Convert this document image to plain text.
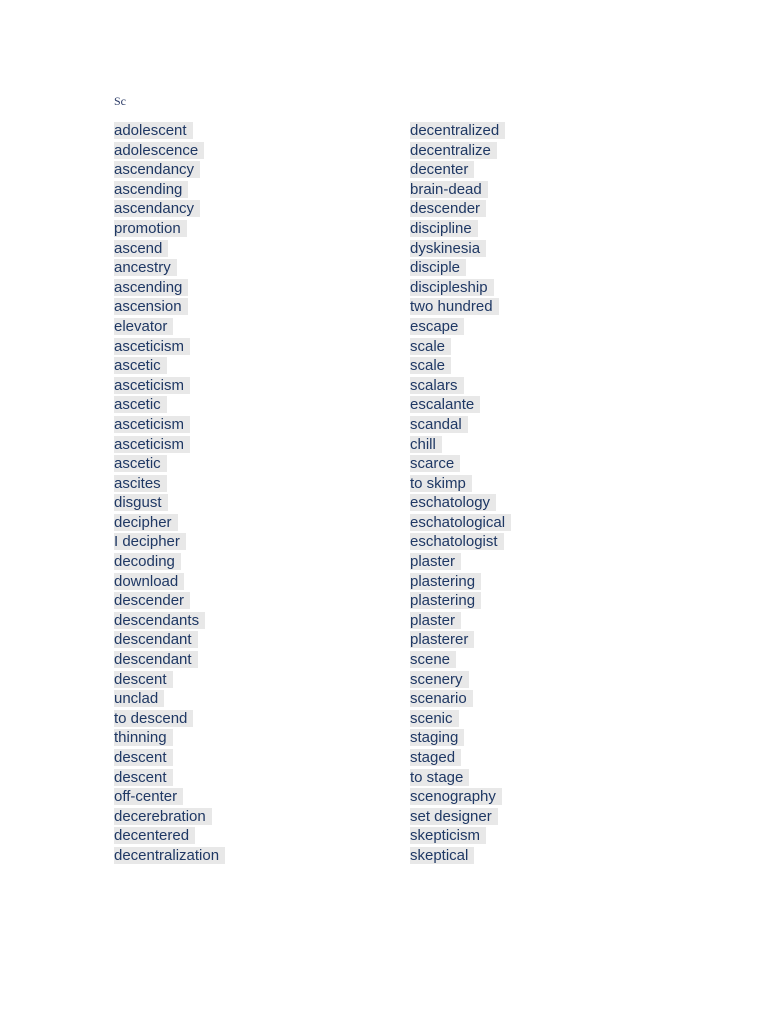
Sc
adolescent
adolescence
ascendancy
ascending
ascendancy
promotion
ascend
ancestry
ascending
ascension
elevator
asceticism
ascetic
asceticism
ascetic
asceticism
asceticism
ascetic
ascites
disgust
decipher
I decipher
decoding
download
descender
descendants
descendant
descendant
descent
unclad
to descend
thinning
descent
descent
off-center
decerebration
decentered
decentralization
decentralized
decentralize
decenter
brain-dead
descender
discipline
dyskinesia
disciple
discipleship
two hundred
escape
scale
scale
scalars
escalante
scandal
chill
scarce
to skimp
eschatology
eschatological
eschatologist
plaster
plastering
plastering
plaster
plasterer
scene
scenery
scenario
scenic
staging
staged
to stage
scenography
set designer
skepticism
skeptical
